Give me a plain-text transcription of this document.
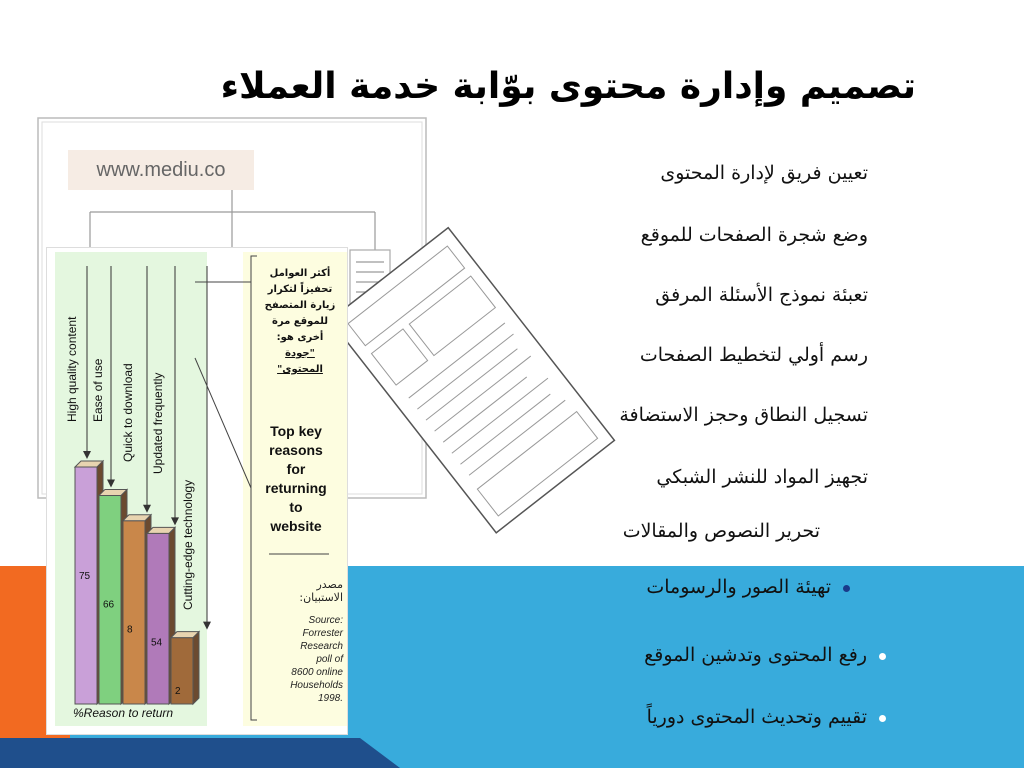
www.mediu.co
75
66
8
54
2
High quality content Ease of use Quick to download Updated frequently
Cutting-edge technology
أكثر العوامل
تحفيزاً لتكرار
زيارة المتصفح
للموقع مرة
أخرى هو:
"جودة
المحتوى"
Top key
reasons
for
returning
to
website
مصدر
الاستبيان:
Source:
Forrester
Research
poll of
8600 online
Households
1998.
%Reason to return
تصميم وإدارة محتوى بوّابة خدمة العملاء
تعيين فريق لإدارة المحتوى
وضع شجرة الصفحات للموقع
تعبئة نموذج الأسئلة المرفق
رسم أولي لتخطيط الصفحات
تسجيل النطاق وحجز الاستضافة
تجهيز المواد للنشر الشبكي
تحرير النصوص والمقالات
تهيئة الصور والرسومات
رفع المحتوى وتدشين الموقع
تقييم وتحديث المحتوى دورياً
